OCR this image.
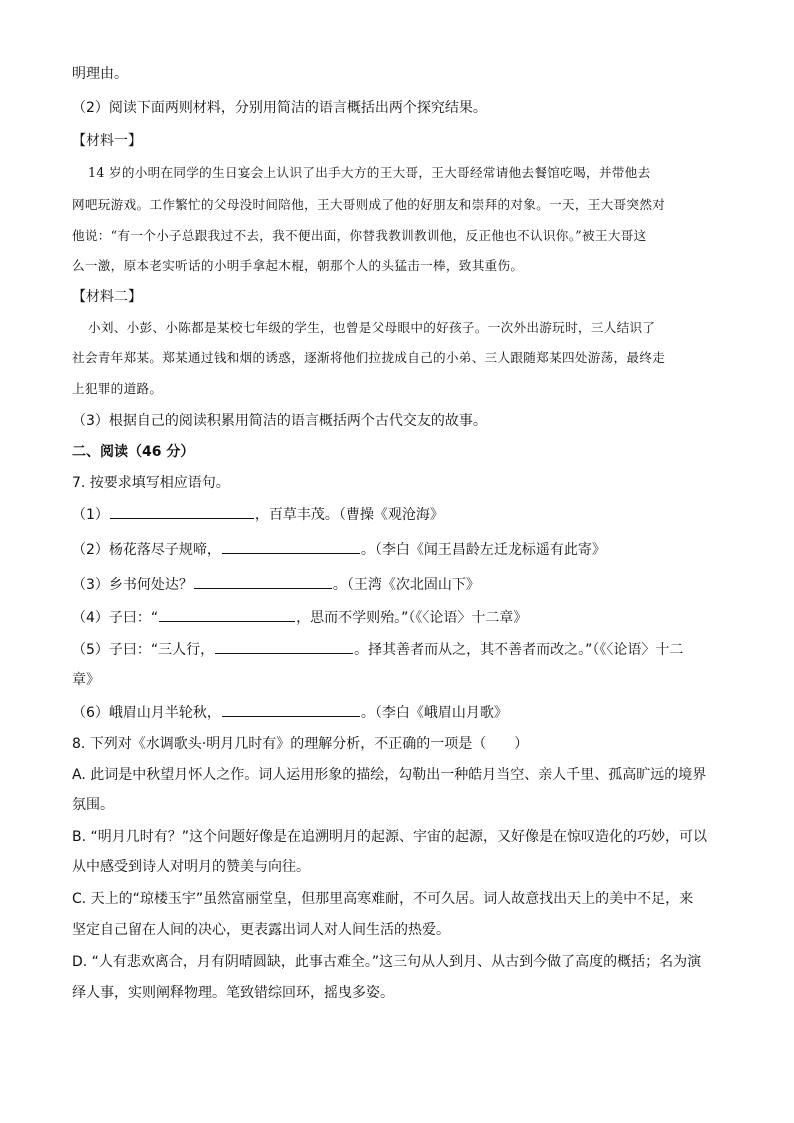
明理由。
（2）阅读下面两则材料，分别用简洁的语言概括出两个探究结果。
【材料一】
14 岁的小明在同学的生日宴会上认识了出手大方的王大哥，王大哥经常请他去餐馆吃喝，并带他去
网吧玩游戏。工作繁忙的父母没时间陪他，王大哥则成了他的好朋友和崇拜的对象。一天，王大哥突然对
他说：“有一个小子总跟我过不去，我不便出面，你替我教训教训他，反正他也不认识你。”被王大哥这
么一激，原本老实听话的小明手拿起木棍，朝那个人的头猛击一棒，致其重伤。
【材料二】
小刘、小彭、小陈都是某校七年级的学生，也曾是父母眼中的好孩子。一次外出游玩时，三人结识了
社会青年郑某。郑某通过钱和烟的诱惑，逐渐将他们拉拢成自己的小弟、三人跟随郑某四处游荡，最终走
上犯罪的道路。
（3）根据自己的阅读积累用简洁的语言概括两个古代交友的故事。
二、阅读（46 分）
7. 按要求填写相应语句。
（1）	，百草丰茂。（曹操《观沧海》
（2）杨花落尽子规啼，	。（李白《闻王昌龄左迁龙标遥有此寄》
（3）乡书何处达？	。（王湾《次北固山下》
（4）子曰：“	，思而不学则殆。”（《〈论语〉十二章》
（5）子曰：“三人行，	。择其善者而从之，其不善者而改之。”（《〈论语〉十二
章》
（6）峨眉山月半轮秋，	。（李白《峨眉山月歌》
8. 下列对《水调歌头·明月几时有》的理解分析，不正确的一项是（　　）
A. 此词是中秋望月怀人之作。词人运用形象的描绘，勾勒出一种皓月当空、亲人千里、孤高旷远的境界
氛围。
B. “明月几时有？”这个问题好像是在追溯明月的起源、宇宙的起源，又好像是在惊叹造化的巧妙，可以
从中感受到诗人对明月的赞美与向往。
C. 天上的“琼楼玉宇”虽然富丽堂皇，但那里高寒难耐，不可久居。词人故意找出天上的美中不足，来
坚定自己留在人间的决心，更表露出词人对人间生活的热爱。
D. “人有悲欢离合，月有阴晴圆缺，此事古难全。”这三句从人到月、从古到今做了高度的概括；名为演
绎人事，实则阐释物理。笔致错综回环，摇曳多姿。
